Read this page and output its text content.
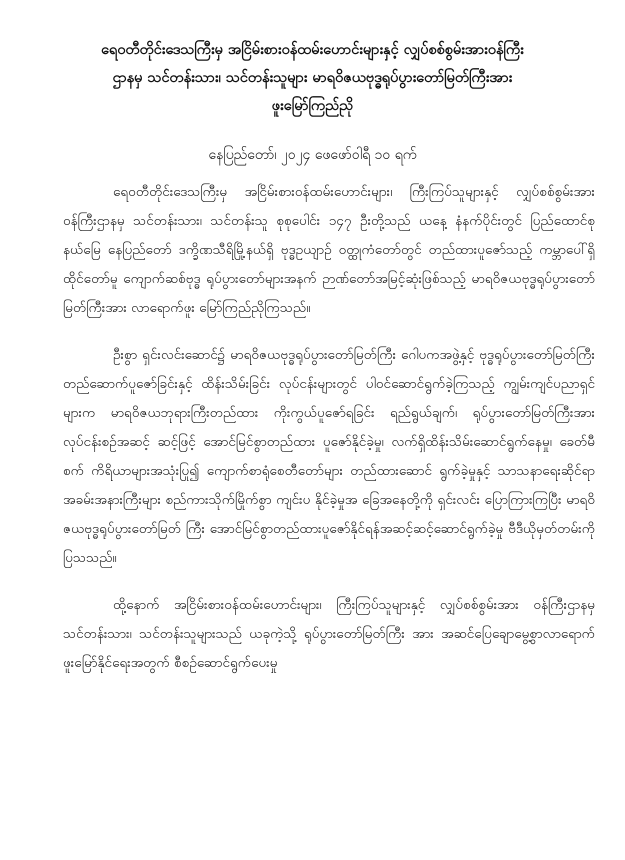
ရေ၀တီတိုင်းဒေသကြီးမှ အငြိမ်းစားဝန်ထမ်းဟောင်းများနှင့် လျှပ်စစ်စွမ်းအားဝန်ကြီး
ဌာနမှ သင်တန်းသား၊ သင်တန်းသူများ မာရဝိဇယဗုဒ္ဓရုပ်ပွားတော်မြတ်ကြီးအား
ဖူးမြော်ကြည်ညို

နေပြည်တော်၊ ၂၀၂၄ ဖေဖော်ဝါရီ ၁၀ ရက်

ရေ၀တီတိုင်းဒေသကြီးမှ အငြိမ်းစားဝန်ထမ်းဟောင်းများ၊ ကြီးကြပ်သူများနှင့် လျှပ်စစ်စွမ်းအားဝန်ကြီးဌာနမှ သင်တန်းသား၊ သင်တန်းသူ စုစုပေါင်း ၁၄၇ ဦးတို့သည် ယနေ့ နံနက်ပိုင်းတွင် ပြည်ထောင်စုနယ်မြေ နေပြည်တော် ဒက္ခိဏသီရိမြို့နယ်ရှိ ဗုဒ္ဓဥယျာဉ် ဝတ္ထုကံတော်တွင် တည်ထားပူဇော်သည့် ကမ္ဘာပေါ်ရှိထိုင်တော်မူ ကျောက်ဆစ်ဗုဒ္ဓ ရုပ်ပွားတော်များအနက် ဉာဏ်တော်အမြင့်ဆုံးဖြစ်သည့် မာရဝိဇယဗုဒ္ဓရုပ်ပွားတော် မြတ်ကြီးအား လာရောက်ဖူး မြော်ကြည်ညိုကြသည်။

ဦးစွာ ရှင်းလင်းဆောင်၌ မာရဝိဇယဗုဒ္ဓရုပ်ပွားတော်မြတ်ကြီး ဂေါပကအဖွဲ့နှင့် ဗုဒ္ဓရုပ်ပွားတော်မြတ်ကြီး တည်ဆောက်ပူဇော်ခြင်းနှင့် ထိန်းသိမ်းခြင်း လုပ်ငန်းများတွင် ပါဝင်ဆောင်ရွက်ခဲ့ကြသည့် ကျွမ်းကျင်ပညာရှင်များက မာရဝိဇယဘုရားကြီးတည်ထား ကိုးကွယ်ပူဇော်ရခြင်း ရည်ရွယ်ချက်၊ ရုပ်ပွားတော်မြတ်ကြီးအား လုပ်ငန်းစဉ်အဆင့် ဆင့်ဖြင့် အောင်မြင်စွာတည်ထား ပူဇော်နိုင်ခဲ့မှု၊ လက်ရှိထိန်းသိမ်းဆောင်ရွက်နေမှု၊ ခေတ်မီစက် ကိရိယာများအသုံးပြု၍ ကျောက်စာရုံစေတီတော်များ တည်ထားဆောင် ရွက်ခဲ့မှုနှင့် သာသနာရေးဆိုင်ရာ အခမ်းအနားကြီးများ စည်ကားသိုက်မြိုက်စွာ ကျင်းပ နိုင်ခဲ့မှုအ ခြေအနေတို့ကို ရှင်းလင်း ပြောကြားကြပြီး မာရဝိဇယဗုဒ္ဓရုပ်ပွားတော်မြတ် ကြီး အောင်မြင်စွာတည်ထားပူဇော်နိုင်ရန်အဆင့်ဆင့်ဆောင်ရွက်ခဲ့မှု ဗီဒီယိုမှတ်တမ်းကို ပြသသည်။

ထို့နောက် အငြိမ်းစားဝန်ထမ်းဟောင်းများ၊ ကြီးကြပ်သူများနှင့် လျှပ်စစ်စွမ်းအား ဝန်ကြီးဌာနမှ သင်တန်းသား၊ သင်တန်းသူများသည် ယခုကဲ့သို့ ရုပ်ပွားတော်မြတ်ကြီး အား အဆင်ပြေချောမွေ့စွာလာရောက် ဖူးမြော်နိုင်ရေးအတွက် စီစဉ်ဆောင်ရွက်ပေးမှု
